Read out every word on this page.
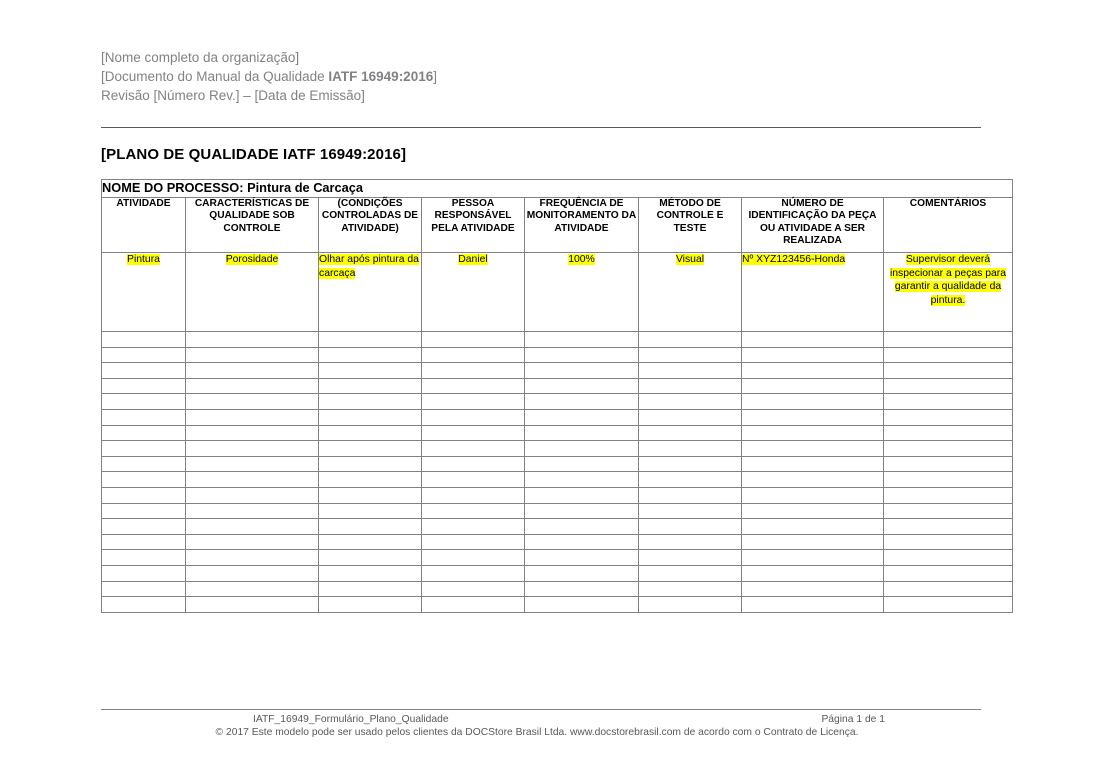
[Nome completo da organização]
[Documento do Manual da Qualidade IATF 16949:2016]
Revisão [Número Rev.] – [Data de Emissão]
[PLANO DE QUALIDADE IATF 16949:2016]
NOME DO PROCESSO: Pintura de Carcaça							
ATIVIDADE	CARACTERÍSTICAS DE QUALIDADE SOB CONTROLE	(CONDIÇÕES CONTROLADAS DE ATIVIDADE)	PESSOA RESPONSÁVEL PELA ATIVIDADE	FREQUÊNCIA DE MONITORAMENTO DA ATIVIDADE	MÉTODO DE CONTROLE E TESTE	NÚMERO DE IDENTIFICAÇÃO DA PEÇA OU ATIVIDADE A SER REALIZADA	COMENTÁRIOS
Pintura	Porosidade	Olhar após pintura da carcaça	Daniel	100%	Visual	Nº XYZ123456-Honda	Supervisor deverá inspecionar a peças para garantir a qualidade da pintura.

IATF_16949_Formulário_Plano_Qualidade	Página 1 de 1
© 2017 Este modelo pode ser usado pelos clientes da DOCStore Brasil Ltda. www.docstorebrasil.com de acordo com o Contrato de Licença.
